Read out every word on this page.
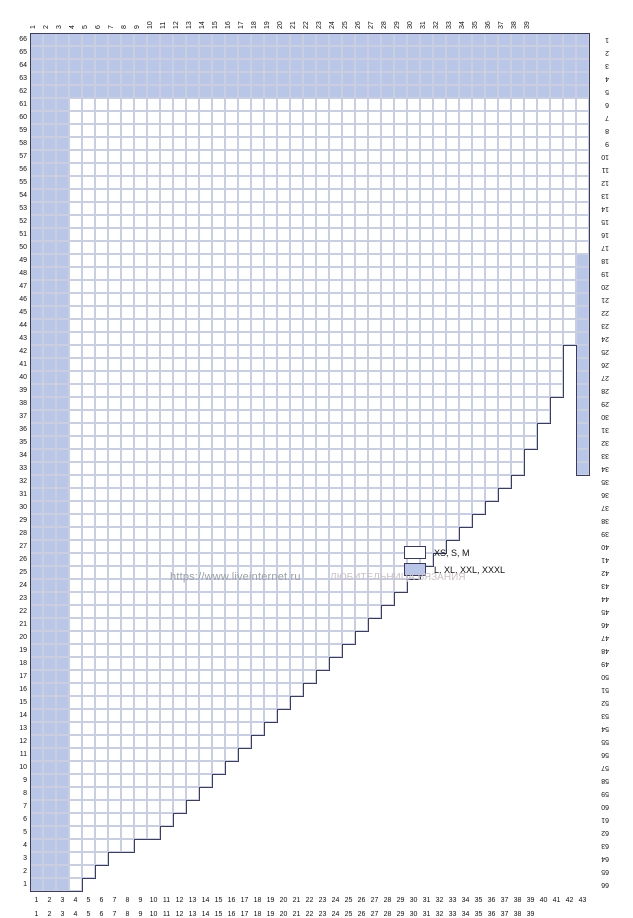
1 2 3 4 5 6 7 8 9 10 11 12 13 14 15 16 17 18 19 20 21 22 23 24 25 26 27 28 29 30 31 32 33 34 35 36 37 38 39
66
65
64
63
62
61
60
59
58
57
56
55
54
53
52
51
50
49
48
47
46
45
44
43
42
41
40
39
38
37
36
35
34
33
32
31
30
29
28
27
26
25
24
23
22
21
20
19
18
17
16
15
14
13
12
11
10
9
8
7
6
5
4
3
2
1
1
2
3
4
5
6
7
8
9
10
11
12
13
14
15
16
17
18
19
20
21
22
23
24
25
26
27
28
29
30
31
32
33
34
35
36
37
38
39
40
41
42
43
44
45
46
47
48
49
50
51
52
53
54
55
56
57
58
59
60
61
62
63
64
65
66
1	2	3	4	5	6	7	8	9	10 11 12 13 14 15 16 17 18 19 20 21 22 23 24 25 26 27 28 29 30 31 32 33 34 35 36 37 38 39 40 41 42 43
1	2	3	4	5	6	7	8	9	10 11 12 13 14 15 16 17 18 19 20 21 22 23 24 25 26 27 28 29 30 31 32 33 34 35 36 37 38 39
XS, S, M
L, XL, XXL, XXXL
https://www.liveinternet.ru	ЛЮБИТЕЛЬНИЦА ВЯЗАНИЯ
